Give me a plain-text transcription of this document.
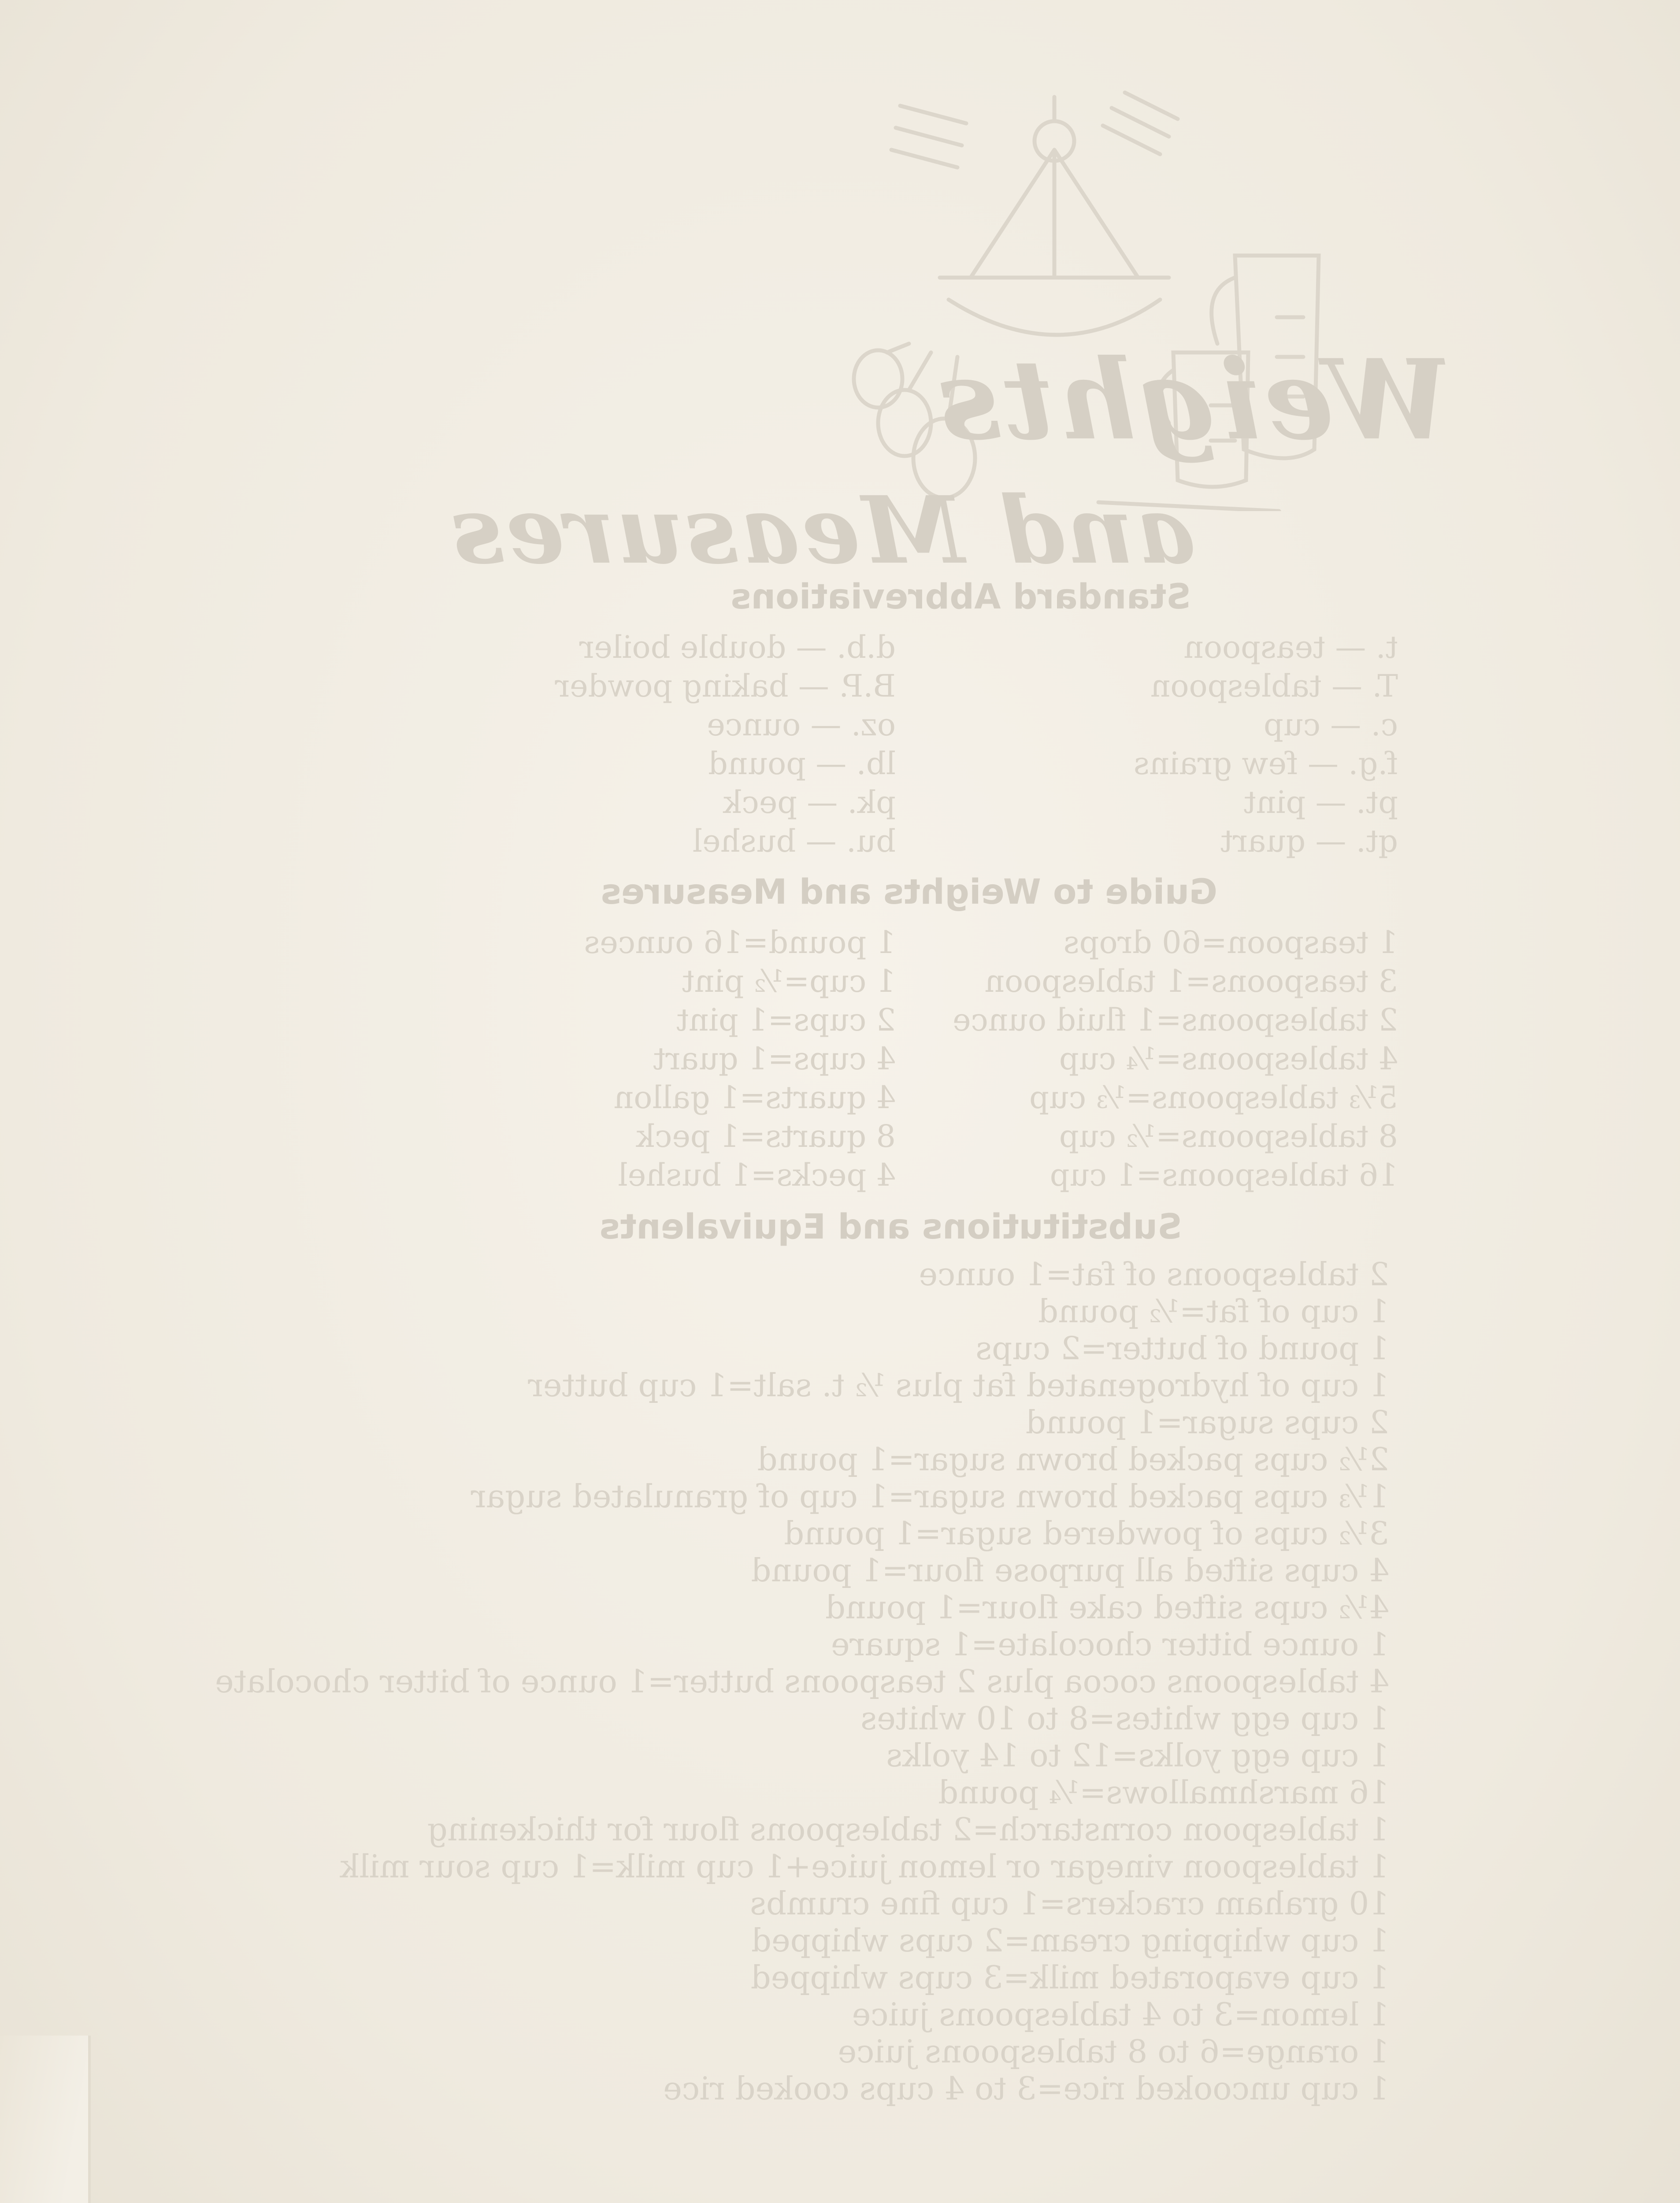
Weights
and Measures
Standard Abbreviations
t. — teaspoon
T. — tablespoon
c. — cup
f.g. — few grains
pt. — pint
qt. — quart
d.b. — double boiler
B.P. — baking powder
oz. — ounce
lb. — pound
pk. — peck
bu. — bushel
Guide to Weights and Measures
1 teaspoon=60 drops
3 teaspoons=1 tablespoon
2 tablespoons=1 fluid ounce
4 tablespoons=¼ cup
5⅓ tablespoons=⅓ cup
8 tablespoons=½ cup
16 tablespoons=1 cup
1 pound=16 ounces
1 cup=½ pint
2 cups=1 pint
4 cups=1 quart
4 quarts=1 gallon
8 quarts=1 peck
4 pecks=1 bushel
Substitutions and Equivalents
2 tablespoons of fat=1 ounce
1 cup of fat=½ pound
1 pound of butter=2 cups
1 cup of hydrogenated fat plus ½ t. salt=1 cup butter
2 cups sugar=1 pound
2½ cups packed brown sugar=1 pound
1⅓ cups packed brown sugar=1 cup of granulated sugar
3½ cups of powdered sugar=1 pound
4 cups sifted all purpose flour=1 pound
4½ cups sifted cake flour=1 pound
1 ounce bitter chocolate=1 square
4 tablespoons cocoa plus 2 teaspoons butter=1 ounce of bitter chocolate
1 cup egg whites=8 to 10 whites
1 cup egg yolks=12 to 14 yolks
16 marshmallows=¼ pound
1 tablespoon cornstarch=2 tablespoons flour for thickening
1 tablespoon vinegar or lemon juice+1 cup milk=1 cup sour milk
10 graham crackers=1 cup fine crumbs
1 cup whipping cream=2 cups whipped
1 cup evaporated milk=3 cups whipped
1 lemon=3 to 4 tablespoons juice
1 orange=6 to 8 tablespoons juice
1 cup uncooked rice=3 to 4 cups cooked rice
